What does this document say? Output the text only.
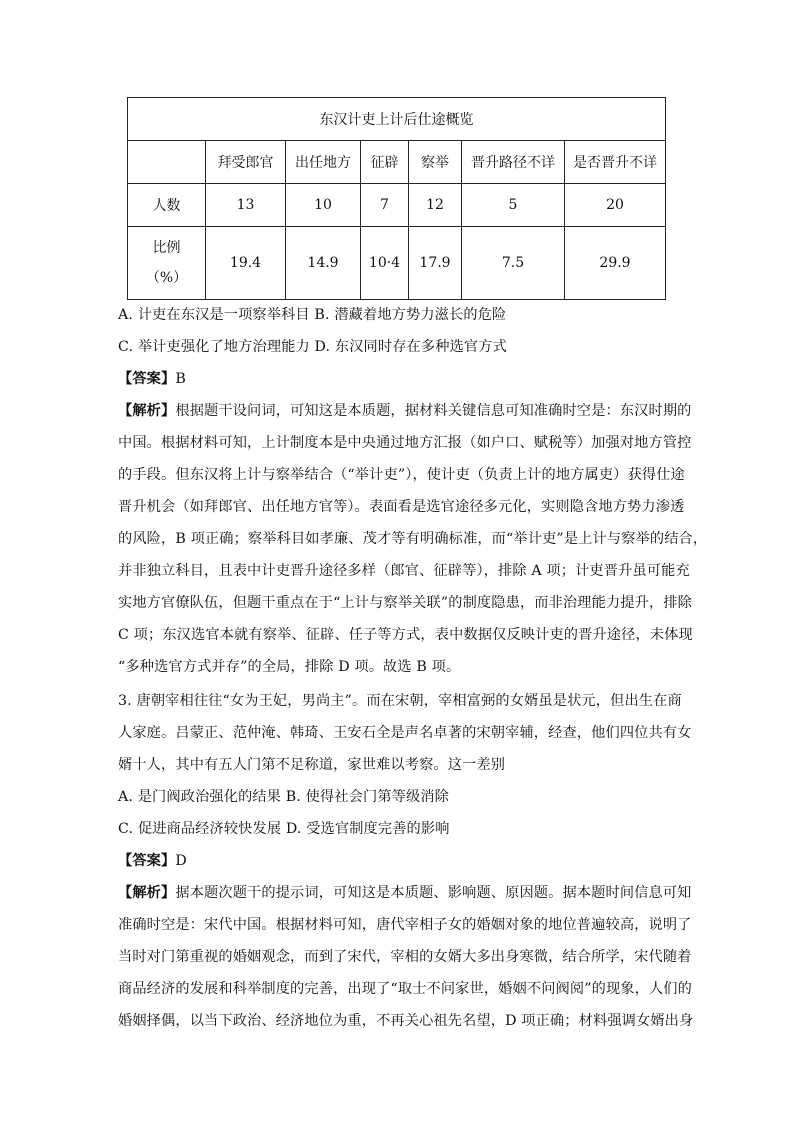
东汉计吏上计后仕途概览						
	拜受郎官	出任地方	征辟	察举	晋升路径不详	是否晋升不详
人数	13	10	7	12	5	20

比例
（%）	19.4	14.9	10·4	17.9	7.5	29.9
A. 计吏在东汉是一项察举科目 B. 潜藏着地方势力滋长的危险
C. 举计吏强化了地方治理能力 D. 东汉同时存在多种选官方式
【答案】B
【解析】根据题干设问词，可知这是本质题，据材料关键信息可知准确时空是：东汉时期的
中国。根据材料可知，上计制度本是中央通过地方汇报（如户口、赋税等）加强对地方管控
的手段。但东汉将上计与察举结合（“举计吏”），使计吏（负责上计的地方属吏）获得仕途
晋升机会（如拜郎官、出任地方官等）。表面看是选官途径多元化，实则隐含地方势力渗透
的风险，B 项正确；察举科目如孝廉、茂才等有明确标准，而“举计吏”是上计与察举的结合，
并非独立科目，且表中计吏晋升途径多样（郎官、征辟等），排除 A 项；计吏晋升虽可能充
实地方官僚队伍，但题干重点在于“上计与察举关联”的制度隐患，而非治理能力提升，排除
C 项；东汉选官本就有察举、征辟、任子等方式，表中数据仅反映计吏的晋升途径，未体现
“多种选官方式并存”的全局，排除 D 项。故选 B 项。
3. 唐朝宰相往往“女为王妃，男尚主”。而在宋朝，宰相富弼的女婿虽是状元，但出生在商
人家庭。吕蒙正、范仲淹、韩琦、王安石全是声名卓著的宋朝宰辅，经查，他们四位共有女
婿十人，其中有五人门第不足称道，家世难以考察。这一差别
A. 是门阀政治强化的结果 B. 使得社会门第等级消除
C. 促进商品经济较快发展 D. 受选官制度完善的影响
【答案】D
【解析】据本题次题干的提示词，可知这是本质题、影响题、原因题。据本题时间信息可知
准确时空是：宋代中国。根据材料可知，唐代宰相子女的婚姻对象的地位普遍较高，说明了
当时对门第重视的婚姻观念，而到了宋代，宰相的女婿大多出身寒微，结合所学，宋代随着
商品经济的发展和科举制度的完善，出现了“取士不问家世，婚姻不问阀阅”的现象，人们的
婚姻择偶，以当下政治、经济地位为重，不再关心祖先名望，D 项正确；材料强调女婿出身
